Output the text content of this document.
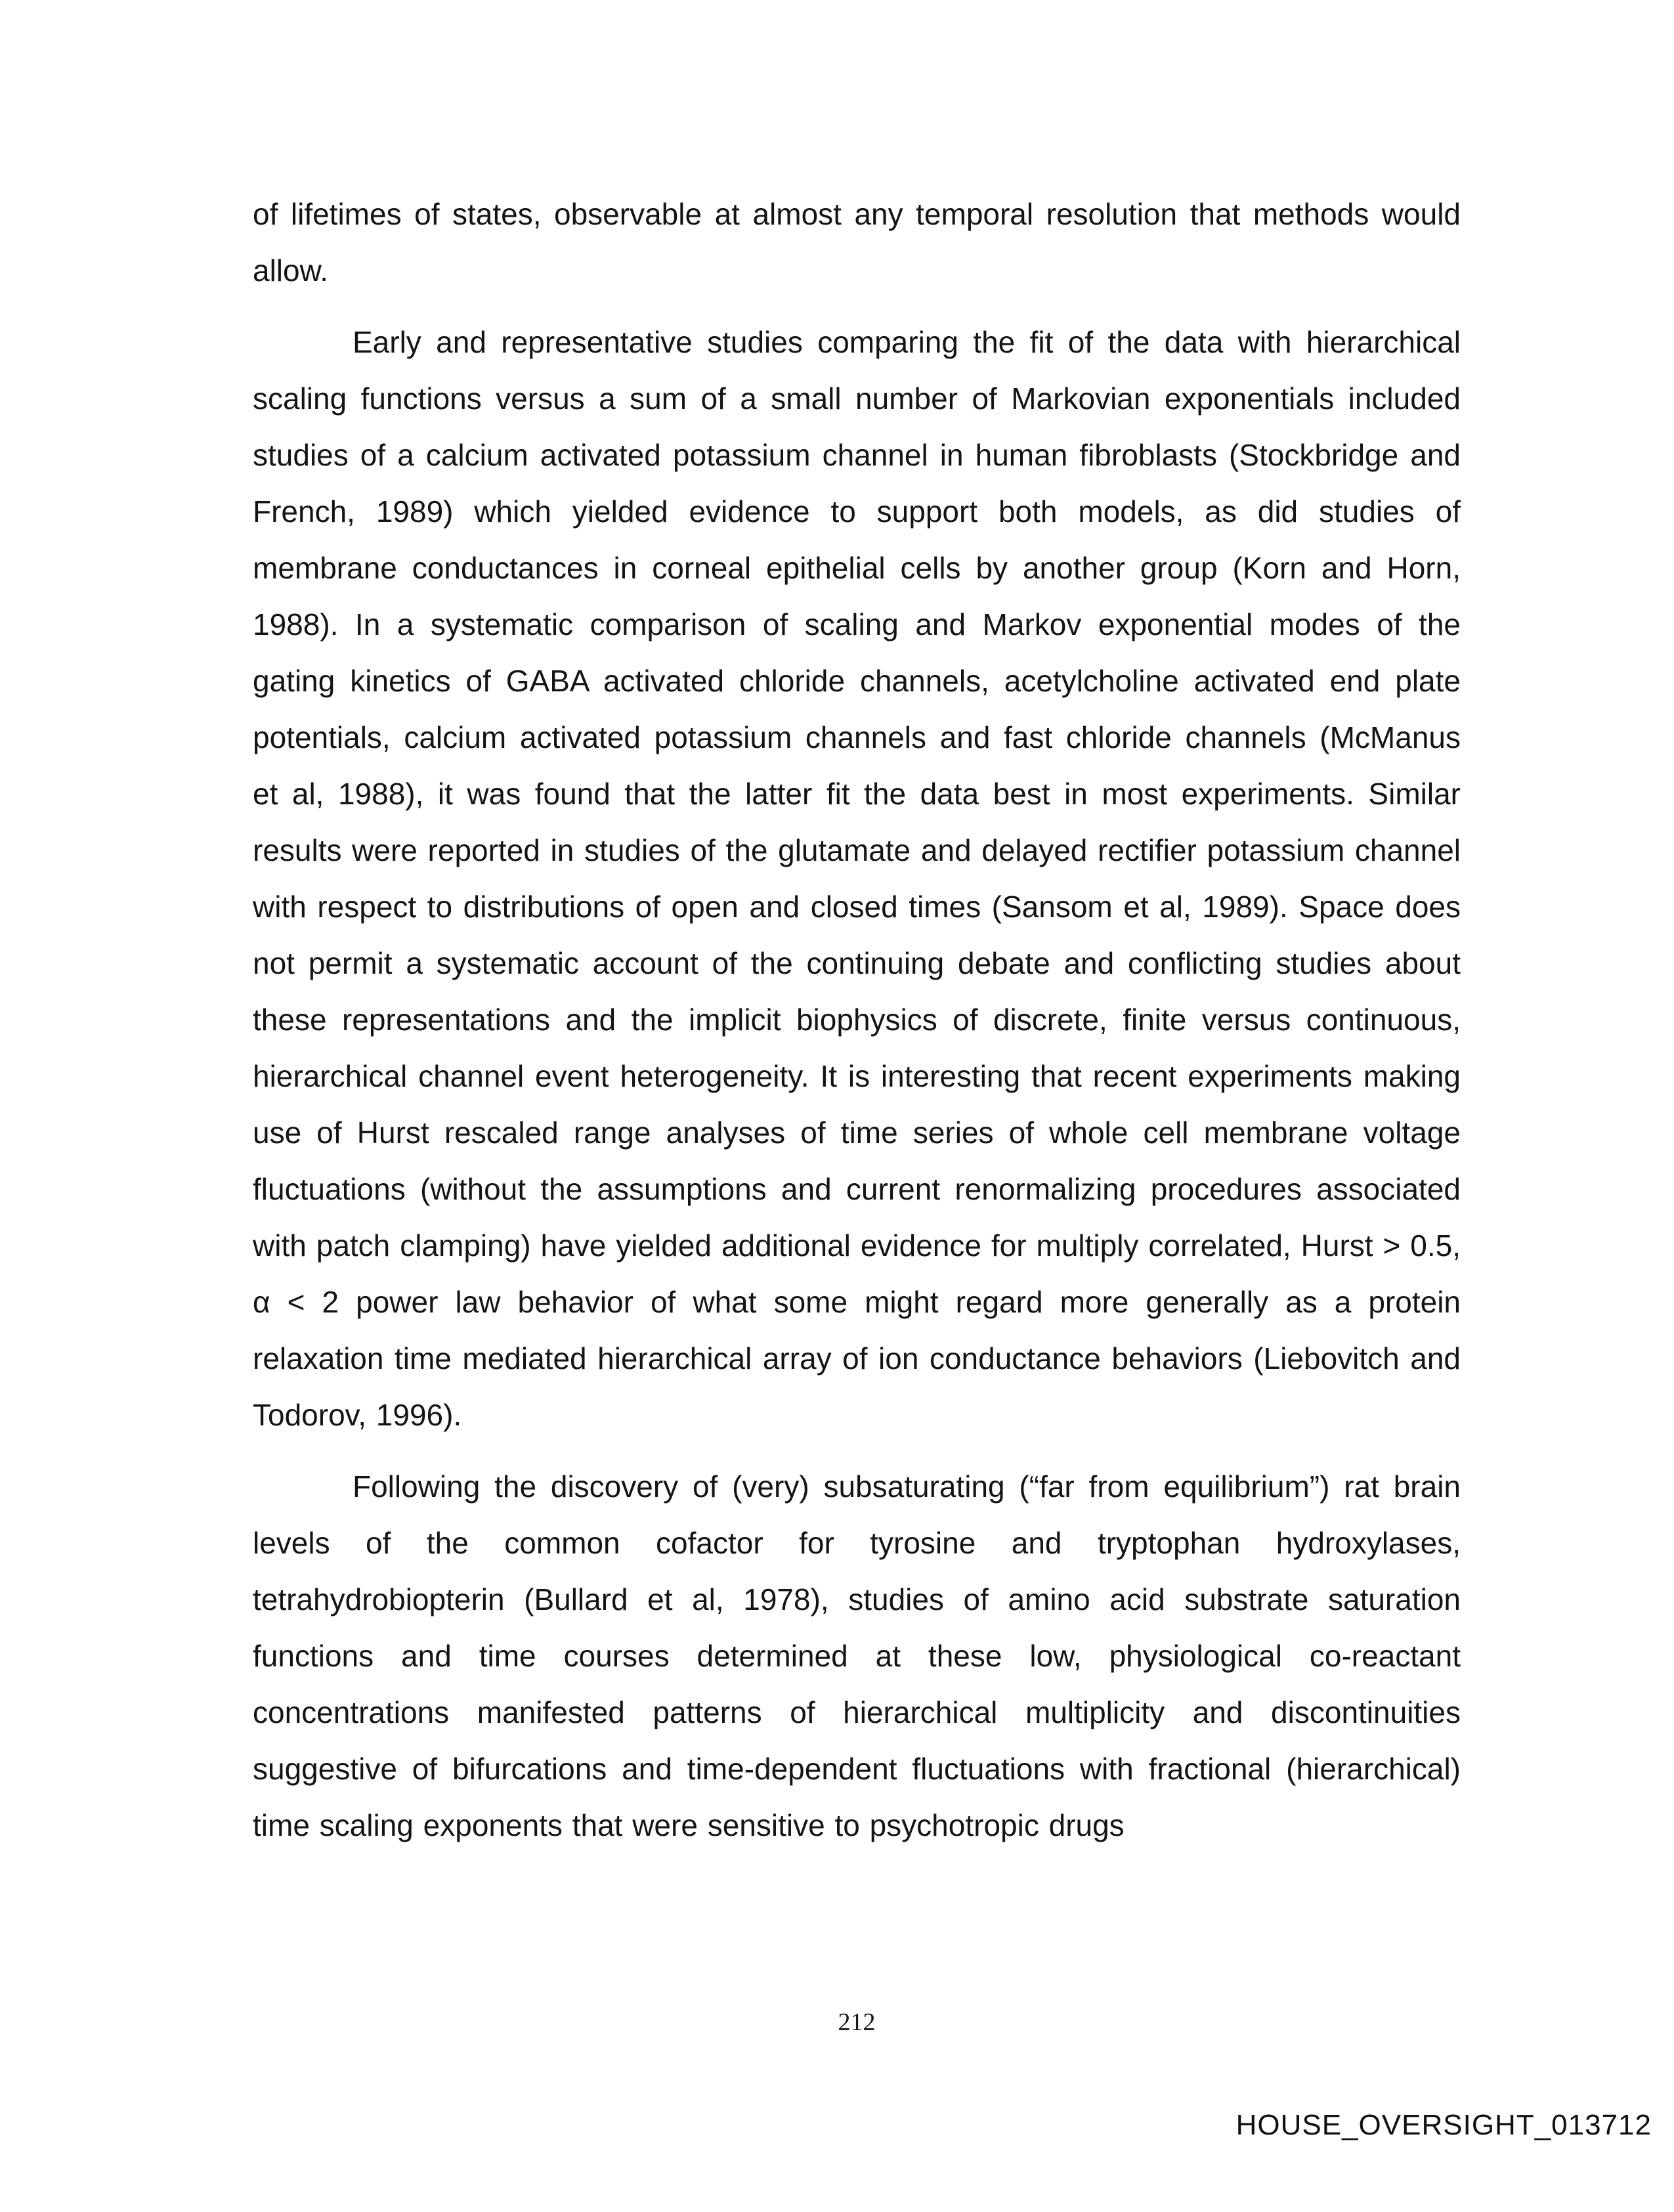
of lifetimes of states, observable at almost any temporal resolution that methods would allow.

Early and representative studies comparing the fit of the data with hierarchical scaling functions versus a sum of a small number of Markovian exponentials included studies of a calcium activated potassium channel in human fibroblasts (Stockbridge and French, 1989) which yielded evidence to support both models, as did studies of membrane conductances in corneal epithelial cells by another group (Korn and Horn, 1988). In a systematic comparison of scaling and Markov exponential modes of the gating kinetics of GABA activated chloride channels, acetylcholine activated end plate potentials, calcium activated potassium channels and fast chloride channels (McManus et al, 1988), it was found that the latter fit the data best in most experiments. Similar results were reported in studies of the glutamate and delayed rectifier potassium channel with respect to distributions of open and closed times (Sansom et al, 1989). Space does not permit a systematic account of the continuing debate and conflicting studies about these representations and the implicit biophysics of discrete, finite versus continuous, hierarchical channel event heterogeneity. It is interesting that recent experiments making use of Hurst rescaled range analyses of time series of whole cell membrane voltage fluctuations (without the assumptions and current renormalizing procedures associated with patch clamping) have yielded additional evidence for multiply correlated, Hurst > 0.5, α < 2 power law behavior of what some might regard more generally as a protein relaxation time mediated hierarchical array of ion conductance behaviors (Liebovitch and Todorov, 1996).

Following the discovery of (very) subsaturating (“far from equilibrium”) rat brain levels of the common cofactor for tyrosine and tryptophan hydroxylases, tetrahydrobiopterin (Bullard et al, 1978), studies of amino acid substrate saturation functions and time courses determined at these low, physiological co-reactant concentrations manifested patterns of hierarchical multiplicity and discontinuities suggestive of bifurcations and time-dependent fluctuations with fractional (hierarchical) time scaling exponents that were sensitive to psychotropic drugs

212
HOUSE_OVERSIGHT_013712
